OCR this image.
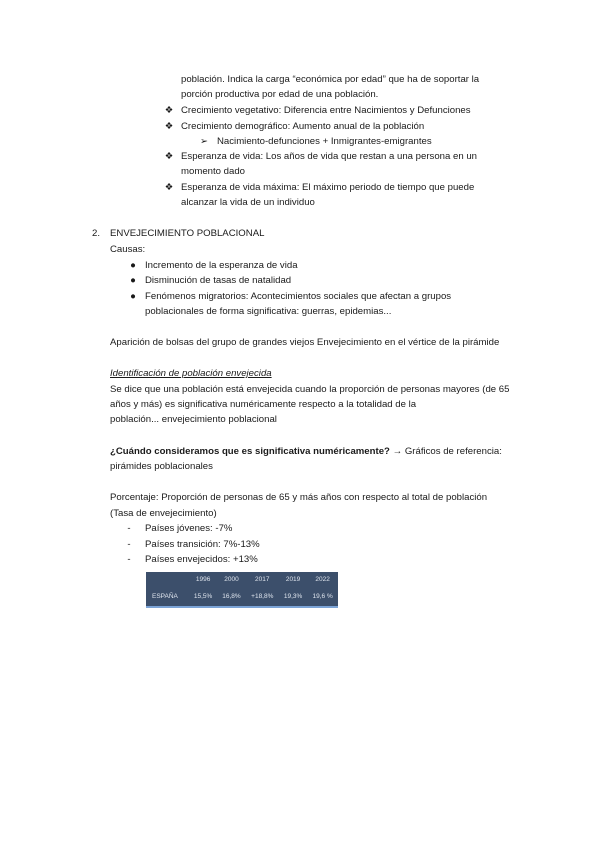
población. Indica la carga “económica por edad” que ha de soportar la
porción productiva por edad de una población.
❖ Crecimiento vegetativo: Diferencia entre Nacimientos y Defunciones
❖ Crecimiento demográfico: Aumento anual de la población
➢ Nacimiento-defunciones + Inmigrantes-emigrantes
❖ Esperanza de vida: Los años de vida que restan a una persona en un
momento dado
❖ Esperanza de vida máxima: El máximo periodo de tiempo que puede
alcanzar la vida de un individuo
2. ENVEJECIMIENTO POBLACIONAL
Causas:
● Incremento de la esperanza de vida
● Disminución de tasas de natalidad
● Fenómenos migratorios: Acontecimientos sociales que afectan a grupos
poblacionales de forma significativa: guerras, epidemias...
Aparición de bolsas del grupo de grandes viejos Envejecimiento en el vértice de la pirámide
Identificación de población envejecida
Se dice que una población está envejecida cuando la proporción de personas mayores (de 65
años y más) es significativa numéricamente respecto a la totalidad de la
población... envejecimiento poblacional
¿Cuándo consideramos que es significativa numéricamente? → Gráficos de referencia:
pirámides poblacionales
Porcentaje: Proporción de personas de 65 y más años con respecto al total de población
(Tasa de envejecimiento)
-	Países jóvenes: -7%
-	Países transición: 7%-13%
-	Países envejecidos: +13%
	1996	2000	2017	2019	2022
ESPAÑA	15,5%	16,8%	+18,8%	19,3%	19,6 %
